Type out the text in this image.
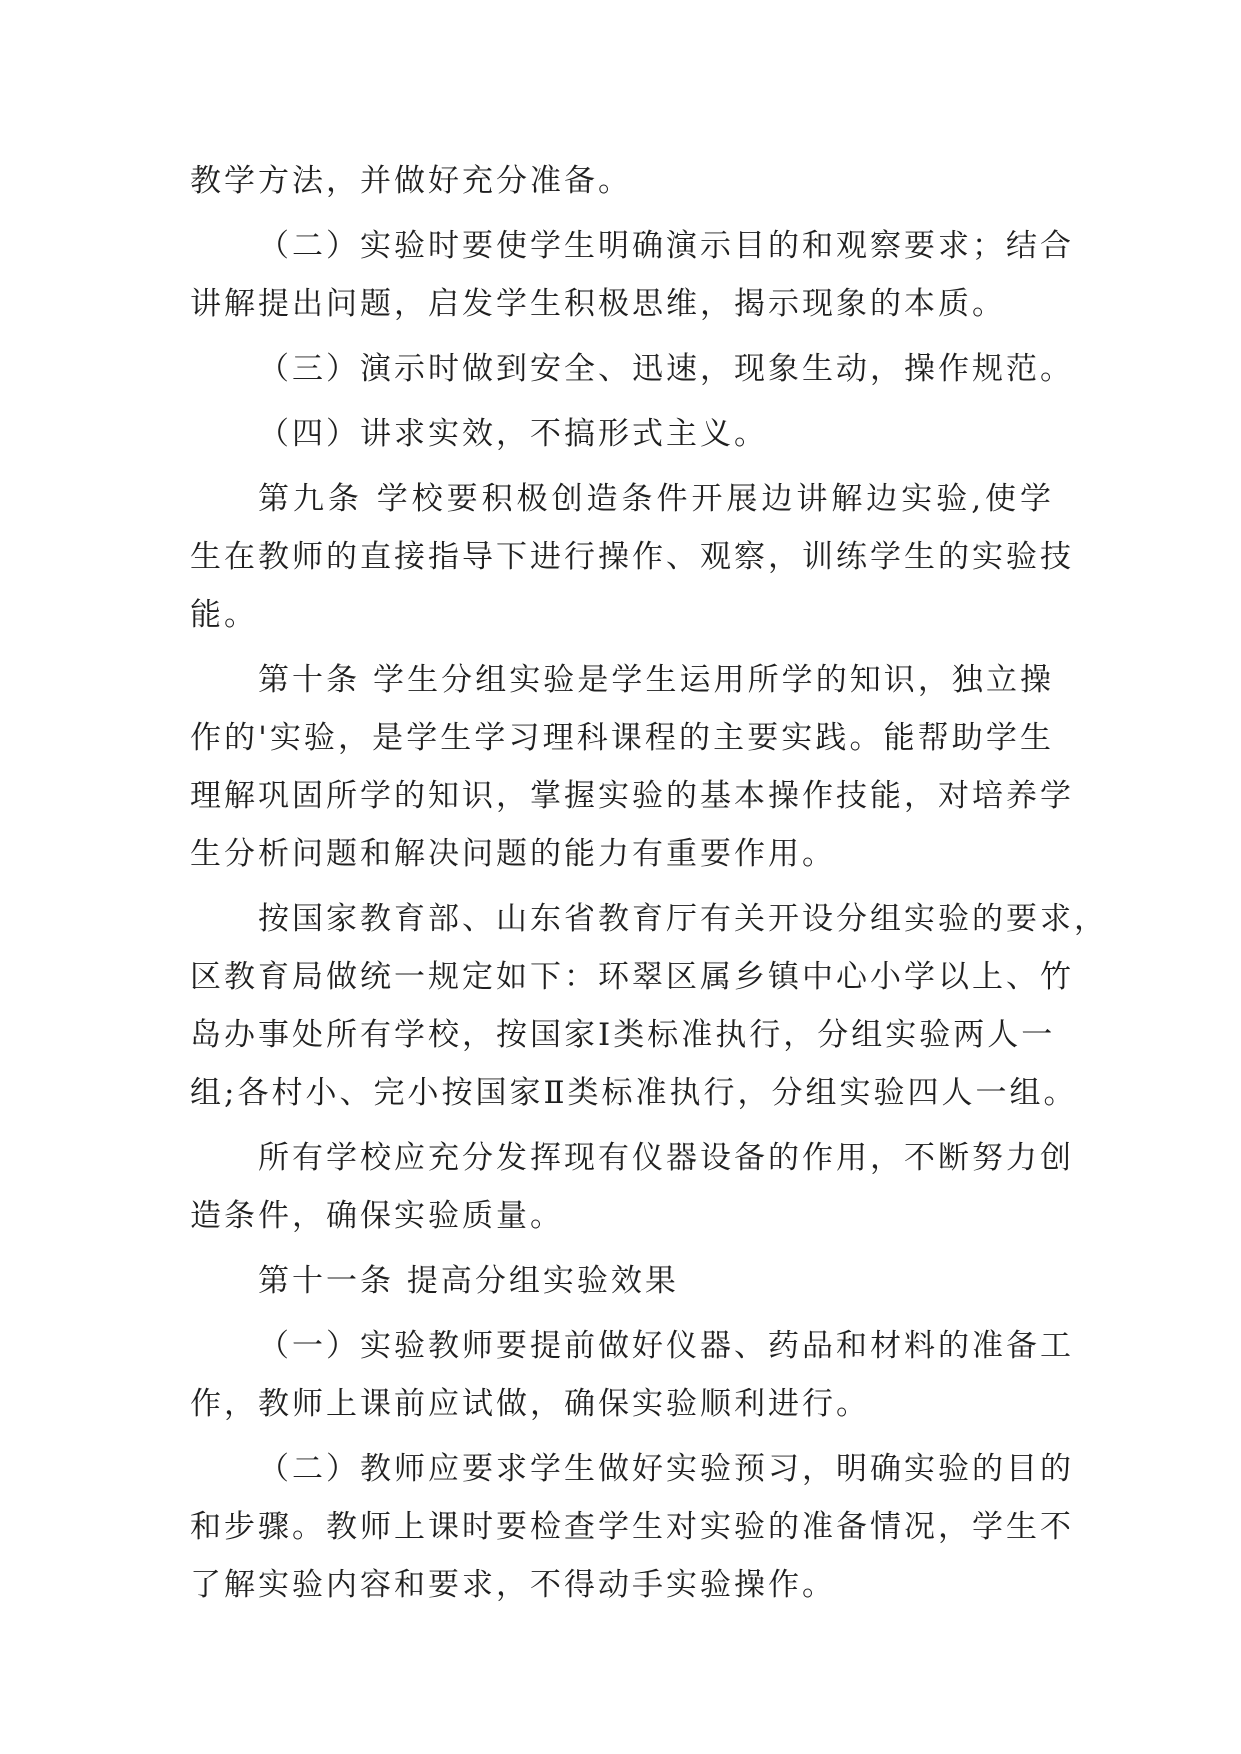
教学方法，并做好充分准备。
（二）实验时要使学生明确演示目的和观察要求；结合
讲解提出问题，启发学生积极思维，揭示现象的本质。
（三）演示时做到安全、迅速，现象生动，操作规范。
（四）讲求实效，不搞形式主义。
第九条 学校要积极创造条件开展边讲解边实验,使学
生在教师的直接指导下进行操作、观察，训练学生的实验技
能。
第十条 学生分组实验是学生运用所学的知识，独立操
作的'实验，是学生学习理科课程的主要实践。能帮助学生
理解巩固所学的知识，掌握实验的基本操作技能，对培养学
生分析问题和解决问题的能力有重要作用。
按国家教育部、山东省教育厅有关开设分组实验的要求，
区教育局做统一规定如下：环翠区属乡镇中心小学以上、竹
岛办事处所有学校，按国家Ⅰ类标准执行，分组实验两人一
组;各村小、完小按国家Ⅱ类标准执行，分组实验四人一组。
所有学校应充分发挥现有仪器设备的作用，不断努力创
造条件，确保实验质量。
第十一条 提高分组实验效果
（一）实验教师要提前做好仪器、药品和材料的准备工
作，教师上课前应试做，确保实验顺利进行。
（二）教师应要求学生做好实验预习，明确实验的目的
和步骤。教师上课时要检查学生对实验的准备情况，学生不
了解实验内容和要求，不得动手实验操作。
